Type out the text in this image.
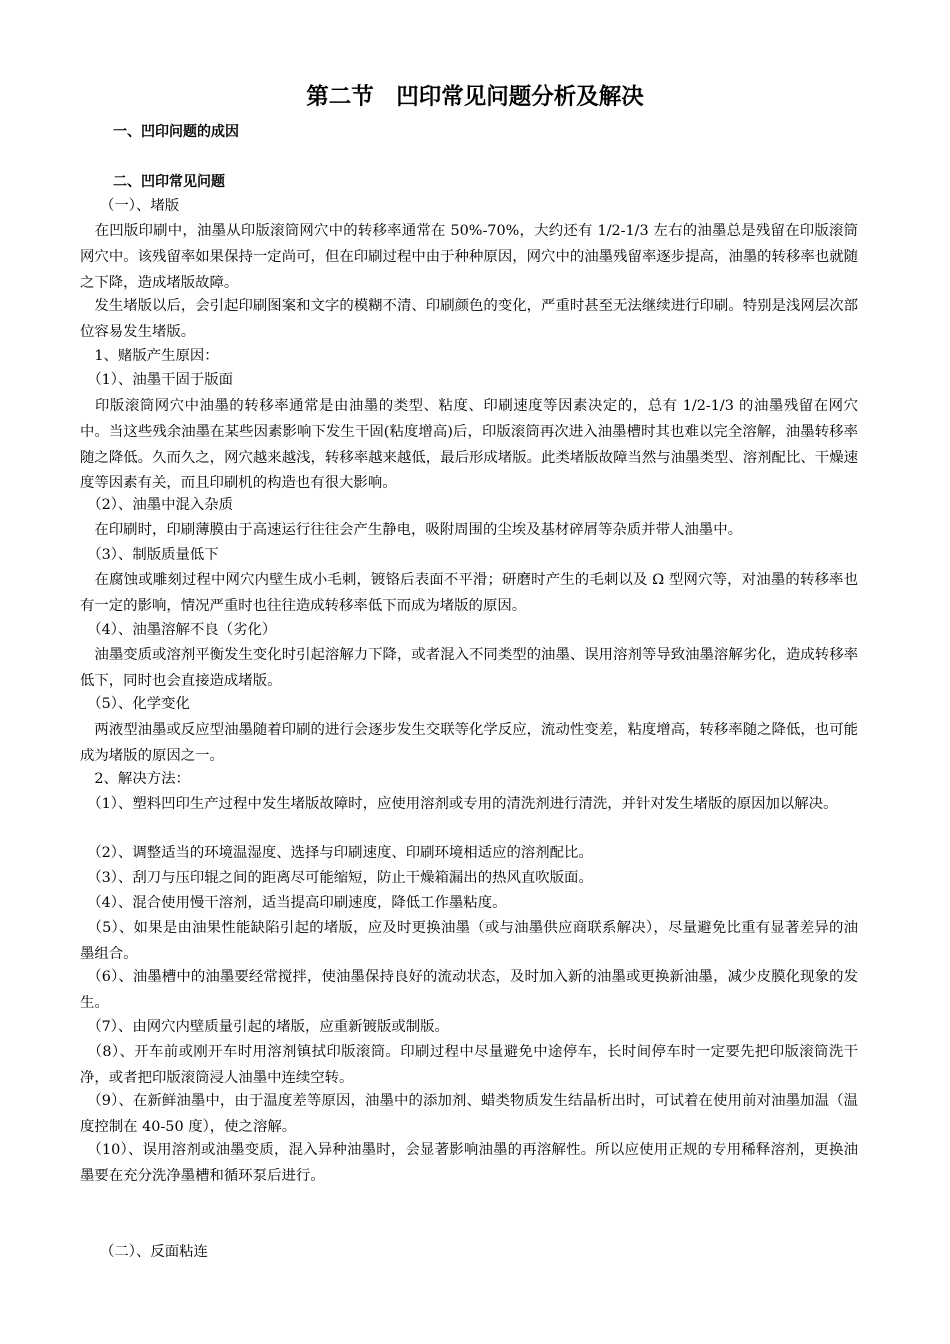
第二节　凹印常见问题分析及解决
一、凹印问题的成因
二、凹印常见问题
（一）、堵版
　在凹版印刷中，油墨从印版滚筒网穴中的转移率通常在 50%-70%，大约还有 1/2-1/3 左右的油墨总是残留在印版滚筒网穴中。该残留率如果保持一定尚可，但在印刷过程中由于种种原因，网穴中的油墨残留率逐步提高，油墨的转移率也就随之下降，造成堵版故障。
　发生堵版以后，会引起印刷图案和文字的模糊不清、印刷颜色的变化，严重时甚至无法继续进行印刷。特别是浅网层次部位容易发生堵版。
　1、赌版产生原因：
　（1）、油墨干固于版面
　印版滚筒网穴中油墨的转移率通常是由油墨的类型、粘度、印刷速度等因素决定的，总有 1/2-1/3 的油墨残留在网穴中。当这些残余油墨在某些因素影响下发生干固(粘度增高)后，印版滚筒再次进入油墨槽时其也难以完全溶解，油墨转移率随之降低。久而久之，网穴越来越浅，转移率越来越低，最后形成堵版。此类堵版故障当然与油墨类型、溶剂配比、干燥速度等因素有关，而且印刷机的构造也有很大影响。
　（2）、油墨中混入杂质
　在印刷时，印刷薄膜由于高速运行往往会产生静电，吸附周围的尘埃及基材碎屑等杂质并带人油墨中。
　（3）、制版质量低下
　在腐蚀或雕刻过程中网穴内壁生成小毛刺，镀铬后表面不平滑；研磨时产生的毛刺以及 Ω 型网穴等，对油墨的转移率也有一定的影响，情况严重时也往往造成转移率低下而成为堵版的原因。
　（4）、油墨溶解不良（劣化）
　油墨变质或溶剂平衡发生变化时引起溶解力下降，或者混入不同类型的油墨、误用溶剂等导致油墨溶解劣化，造成转移率低下，同时也会直接造成堵版。
　（5）、化学变化
　两液型油墨或反应型油墨随着印刷的进行会逐步发生交联等化学反应，流动性变差，粘度增高，转移率随之降低，也可能成为堵版的原因之一。
　2、解决方法：
　（1）、塑料凹印生产过程中发生堵版故障时，应使用溶剂或专用的清洗剂进行清洗，并针对发生堵版的原因加以解决。
　（2）、调整适当的环境温湿度、选择与印刷速度、印刷环境相适应的溶剂配比。
　（3）、刮刀与压印辊之间的距离尽可能缩短，防止干燥箱漏出的热风直吹版面。
　（4）、混合使用慢干溶剂，适当提高印刷速度，降低工作墨粘度。
　（5）、如果是由油果性能缺陷引起的堵版，应及时更换油墨（或与油墨供应商联系解决），尽量避免比重有显著差异的油墨组合。
　（6）、油墨槽中的油墨要经常搅拌，使油墨保持良好的流动状态，及时加入新的油墨或更换新油墨，减少皮膜化现象的发生。
　（7）、由网穴内壁质量引起的堵版，应重新镀版或制版。
　（8）、开车前或刚开车时用溶剂镇拭印版滚筒。印刷过程中尽量避免中途停车，长时间停车时一定要先把印版滚筒洗干净，或者把印版滚筒浸人油墨中连续空转。
　（9）、在新鲜油墨中，由于温度差等原因，油墨中的添加剂、蜡类物质发生结晶析出时，可试着在使用前对油墨加温（温度控制在 40-50 度），使之溶解。
　（10）、误用溶剂或油墨变质，混入异种油墨时，会显著影响油墨的再溶解性。所以应使用正规的专用稀释溶剂，更换油墨要在充分洗净墨槽和循环泵后进行。
（二）、反面粘连
